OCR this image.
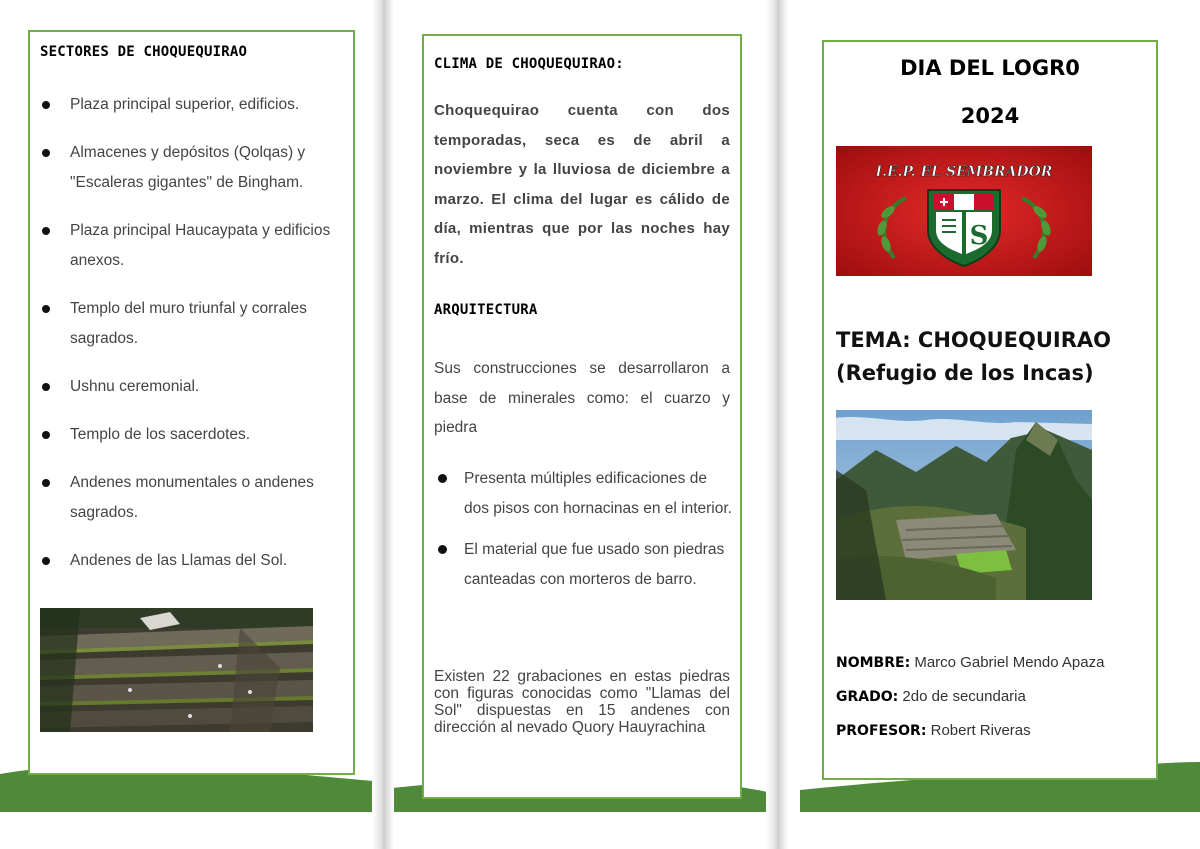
SECTORES DE CHOQUEQUIRAO
Plaza principal superior, edificios.
Almacenes y depósitos (Qolqas) y "Escaleras gigantes" de Bingham.
Plaza principal Haucaypata y edificios anexos.
Templo del muro triunfal y corrales sagrados.
Ushnu ceremonial.
Templo de los sacerdotes.
Andenes monumentales o andenes sagrados.
Andenes de las Llamas del Sol.
CLIMA DE CHOQUEQUIRAO:
Choquequirao cuenta con dos temporadas, seca es de abril a noviembre y la lluviosa de diciembre a marzo. El clima del lugar es cálido de día, mientras que por las noches hay frío.
ARQUITECTURA
Sus construcciones se desarrollaron a base de minerales como: el cuarzo y piedra
Presenta múltiples edificaciones de dos pisos con hornacinas en el interior.
El material que fue usado son piedras canteadas con morteros de barro.
Existen 22 grabaciones en estas piedras con figuras conocidas como "Llamas del Sol" dispuestas en 15 andenes con dirección al nevado Quory Hauyrachina
DIA DEL LOGR0
2024
I.E.P. EL SEMBRADOR
S
TEMA: CHOQUEQUIRAO (Refugio de los Incas)
NOMBRE: Marco Gabriel Mendo Apaza
GRADO: 2do de secundaria
PROFESOR: Robert Riveras
